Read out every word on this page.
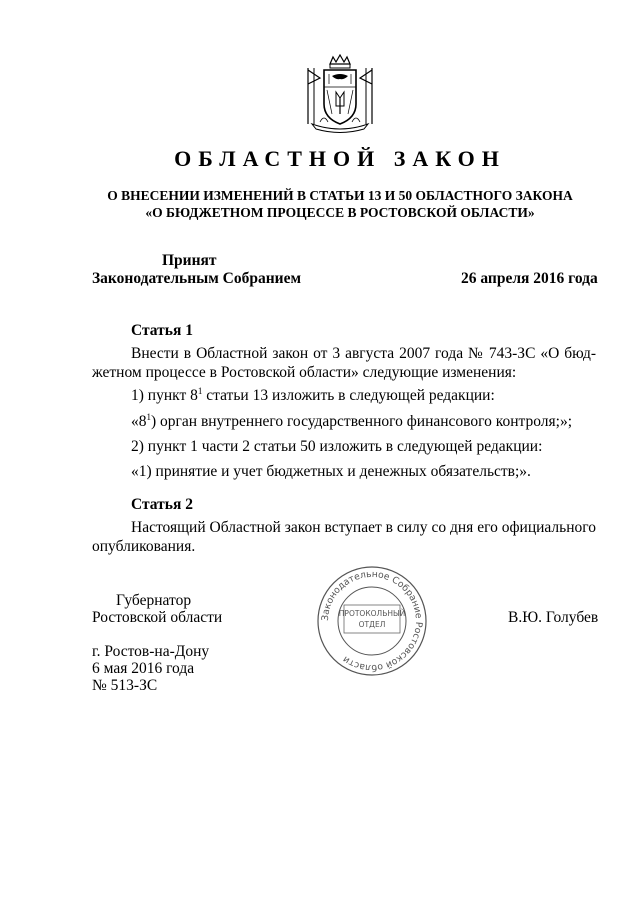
ОБЛАСТНОЙ ЗАКОН
О ВНЕСЕНИИ ИЗМЕНЕНИЙ В СТАТЬИ 13 И 50 ОБЛАСТНОГО ЗАКОНА
«О БЮДЖЕТНОМ ПРОЦЕССЕ В РОСТОВСКОЙ ОБЛАСТИ»
Принят
Законодательным Собранием	26 апреля 2016 года
Статья 1
Внести в Областной закон от 3 августа 2007 года № 743-ЗС «О бюд-
жетном процессе в Ростовской области» следующие изменения:
1) пункт $8^1$ статьи 13 изложить в следующей редакции:
«$8^1$) орган внутреннего государственного финансового контроля;»;
2) пункт 1 части 2 статьи 50 изложить в следующей редакции:
«1) принятие и учет бюджетных и денежных обязательств;».
Статья 2
Настоящий Областной закон вступает в силу со дня его официального
опубликования.
Губернатор
Ростовской области	В.Ю. Голубев
Законодательное Собрание Ростовской области
ПРОТОКОЛЬНЫЙ
ОТДЕЛ
г. Ростов-на-Дону
6 мая 2016 года
№ 513-ЗС
